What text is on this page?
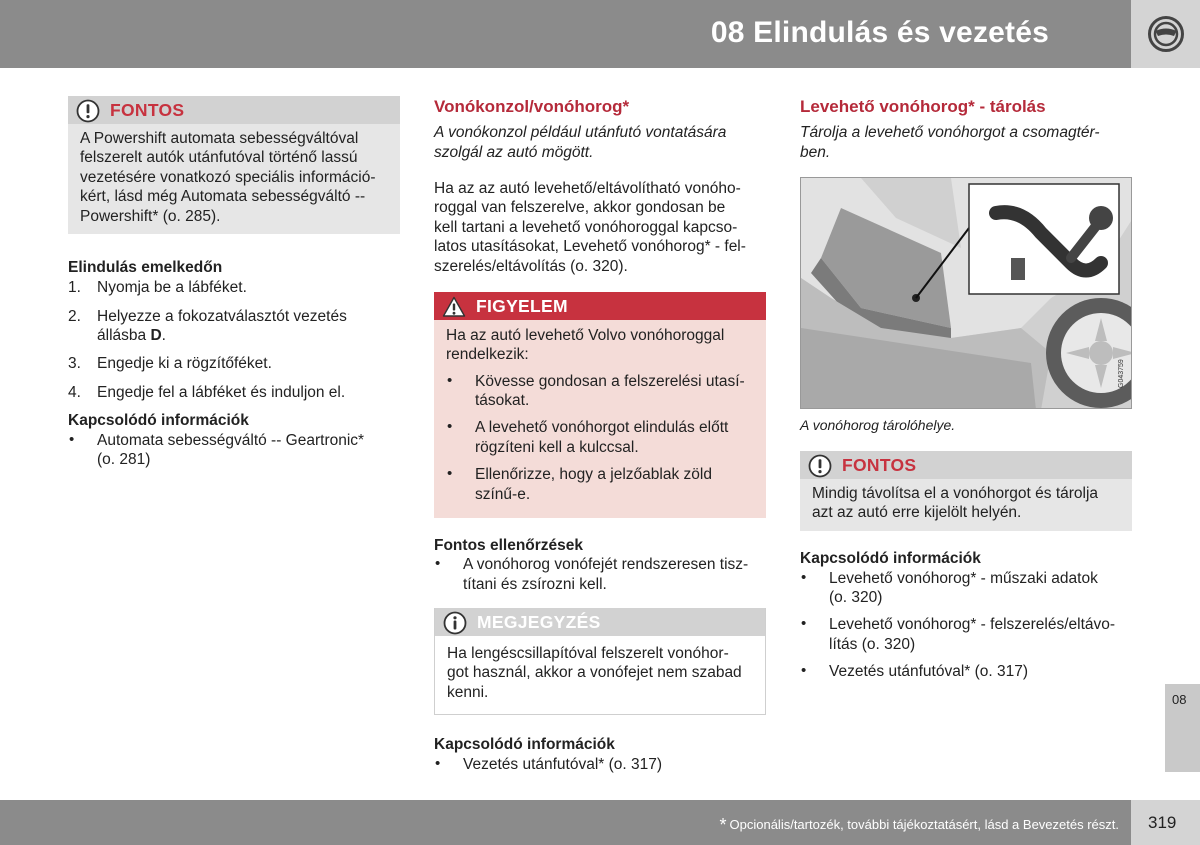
08 Elindulás és vezetés
FONTOS

A Powershift automata sebességváltóval
felszerelt autók utánfutóval történő lassú
vezetésére vonatkozó speciális információ-
kért, lásd még Automata sebességváltó --
Powershift* (o. 285).

Elindulás emelkedőn
1. Nyomja be a lábféket.
2. Helyezze a fokozatválasztót vezetés
állásba D.
3. Engedje ki a rögzítőféket.
4. Engedje fel a lábféket és induljon el.
Kapcsolódó információk
• Automata sebességváltó -- Geartronic*
(o. 281)
Vonókonzol/vonóhorog*

A vonókonzol például utánfutó vontatására
szolgál az autó mögött.

Ha az az autó levehető/eltávolítható vonóho-
roggal van felszerelve, akkor gondosan be
kell tartani a levehető vonóhoroggal kapcso-
latos utasításokat, Levehető vonóhorog* - fel-
szerelés/eltávolítás (o. 320).

FIGYELEM

Ha az autó levehető Volvo vonóhoroggal
rendelkezik:

• Kövesse gondosan a felszerelési utasí-
tásokat.
• A levehető vonóhorgot elindulás előtt
rögzíteni kell a kulccsal.
• Ellenőrizze, hogy a jelzőablak zöld
színű-e.
Fontos ellenőrzések
• A vonóhorog vonófejét rendszeresen tisz-
títani és zsírozni kell.
MEGJEGYZÉS

Ha lengéscsillapítóval felszerelt vonóhor-
got használ, akkor a vonófejet nem szabad
kenni.

Kapcsolódó információk
• Vezetés utánfutóval* (o. 317)
Levehető vonóhorog* - tárolás

Tárolja a levehető vonóhorgot a csomagtér-
ben.

G043759

A vonóhorog tárolóhelye.

FONTOS

Mindig távolítsa el a vonóhorgot és tárolja
azt az autó erre kijelölt helyén.

Kapcsolódó információk
• Levehető vonóhorog* - műszaki adatok
(o. 320)
• Levehető vonóhorog* - felszerelés/eltávo-
lítás (o. 320)
• Vezetés utánfutóval* (o. 317)
08
* Opcionális/tartozék, további tájékoztatásért, lásd a Bevezetés részt. 319
